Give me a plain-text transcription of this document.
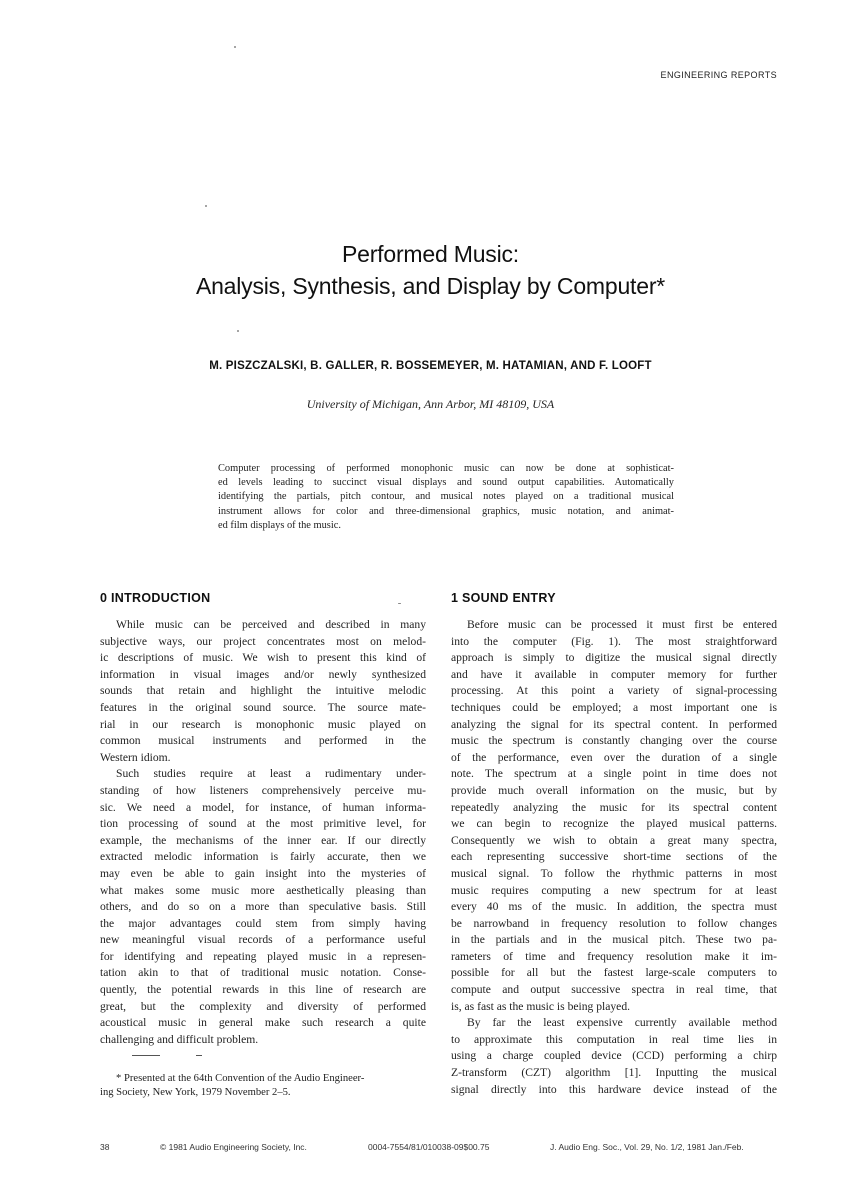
ENGINEERING REPORTS
Performed Music:
Analysis, Synthesis, and Display by Computer*
M. PISZCZALSKI, B. GALLER, R. BOSSEMEYER, M. HATAMIAN, AND F. LOOFT
University of Michigan, Ann Arbor, MI 48109, USA
Computer processing of performed monophonic music can now be done at sophisticat-
ed levels leading to succinct visual displays and sound output capabilities. Automatically
identifying the partials, pitch contour, and musical notes played on a traditional musical
instrument allows for color and three-dimensional graphics, music notation, and animat-
ed film displays of the music.
0 INTRODUCTION
While music can be perceived and described in many
subjective ways, our project concentrates most on melod-
ic descriptions of music. We wish to present this kind of
information in visual images and/or newly synthesized
sounds that retain and highlight the intuitive melodic
features in the original sound source. The source mate-
rial in our research is monophonic music played on
common musical instruments and performed in the
Western idiom.
Such studies require at least a rudimentary under-
standing of how listeners comprehensively perceive mu-
sic. We need a model, for instance, of human informa-
tion processing of sound at the most primitive level, for
example, the mechanisms of the inner ear. If our directly
extracted melodic information is fairly accurate, then we
may even be able to gain insight into the mysteries of
what makes some music more aesthetically pleasing than
others, and do so on a more than speculative basis. Still
the major advantages could stem from simply having
new meaningful visual records of a performance useful
for identifying and repeating played music in a represen-
tation akin to that of traditional music notation. Conse-
quently, the potential rewards in this line of research are
great, but the complexity and diversity of performed
acoustical music in general make such research a quite
challenging and difficult problem.
1 SOUND ENTRY
Before music can be processed it must first be entered
into the computer (Fig. 1). The most straightforward
approach is simply to digitize the musical signal directly
and have it available in computer memory for further
processing. At this point a variety of signal-processing
techniques could be employed; a most important one is
analyzing the signal for its spectral content. In performed
music the spectrum is constantly changing over the course
of the performance, even over the duration of a single
note. The spectrum at a single point in time does not
provide much overall information on the music, but by
repeatedly analyzing the music for its spectral content
we can begin to recognize the played musical patterns.
Consequently we wish to obtain a great many spectra,
each representing successive short-time sections of the
musical signal. To follow the rhythmic patterns in most
music requires computing a new spectrum for at least
every 40 ms of the music. In addition, the spectra must
be narrowband in frequency resolution to follow changes
in the partials and in the musical pitch. These two pa-
rameters of time and frequency resolution make it im-
possible for all but the fastest large-scale computers to
compute and output successive spectra in real time, that
is, as fast as the music is being played.
By far the least expensive currently available method
to approximate this computation in real time lies in
using a charge coupled device (CCD) performing a chirp
Z-transform (CZT) algorithm [1]. Inputting the musical
signal directly into this hardware device instead of the
* Presented at the 64th Convention of the Audio Engineer-
ing Society, New York, 1979 November 2–5.
38	© 1981 Audio Engineering Society, Inc.	0004-7554/81/010038-09$00.75	J. Audio Eng. Soc., Vol. 29, No. 1/2, 1981 Jan./Feb.
